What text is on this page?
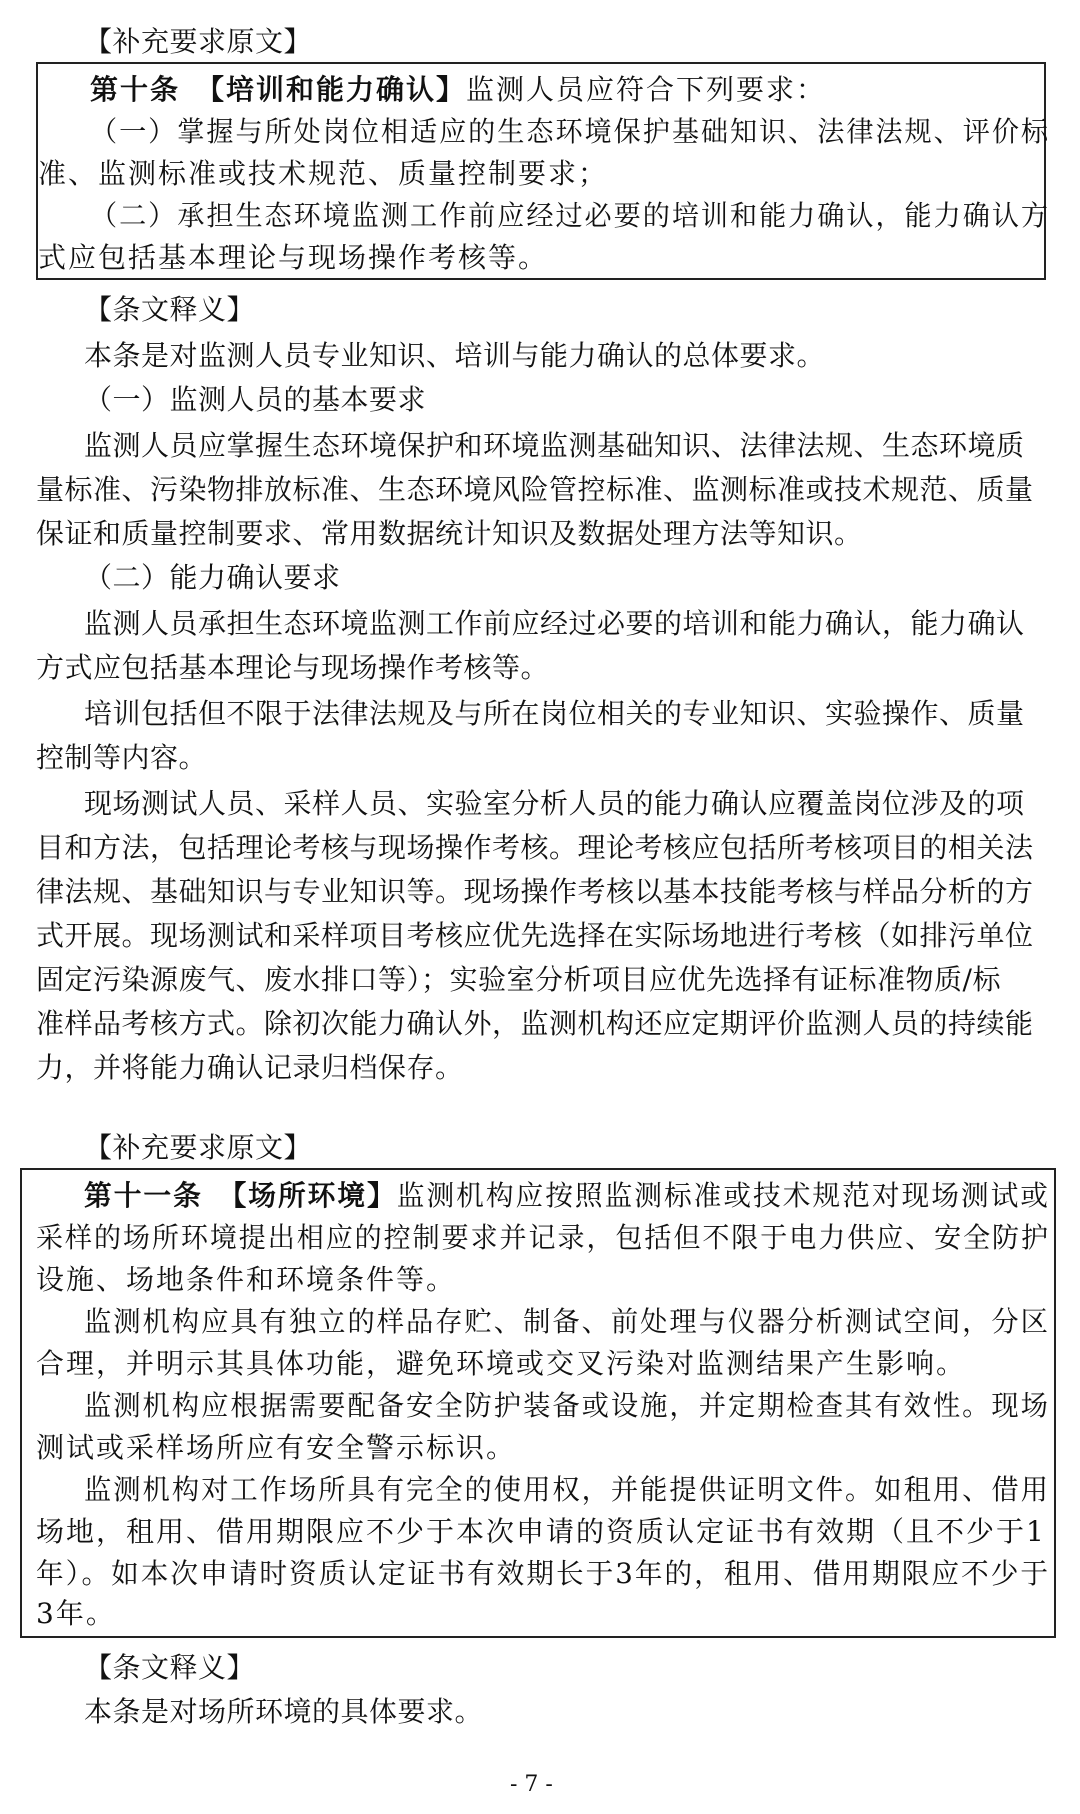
【补充要求原文】
第十条　【培训和能力确认】监测人员应符合下列要求：
（一）掌握与所处岗位相适应的生态环境保护基础知识、法律法规、评价标
准、监测标准或技术规范、质量控制要求；
（二）承担生态环境监测工作前应经过必要的培训和能力确认，能力确认方
式应包括基本理论与现场操作考核等。
【条文释义】
本条是对监测人员专业知识、培训与能力确认的总体要求。
（一）监测人员的基本要求
监测人员应掌握生态环境保护和环境监测基础知识、法律法规、生态环境质
量标准、污染物排放标准、生态环境风险管控标准、监测标准或技术规范、质量
保证和质量控制要求、常用数据统计知识及数据处理方法等知识。
（二）能力确认要求
监测人员承担生态环境监测工作前应经过必要的培训和能力确认，能力确认
方式应包括基本理论与现场操作考核等。
培训包括但不限于法律法规及与所在岗位相关的专业知识、实验操作、质量
控制等内容。
现场测试人员、采样人员、实验室分析人员的能力确认应覆盖岗位涉及的项
目和方法，包括理论考核与现场操作考核。理论考核应包括所考核项目的相关法
律法规、基础知识与专业知识等。现场操作考核以基本技能考核与样品分析的方
式开展。现场测试和采样项目考核应优先选择在实际场地进行考核（如排污单位
固定污染源废气、废水排口等）；实验室分析项目应优先选择有证标准物质/标
准样品考核方式。除初次能力确认外，监测机构还应定期评价监测人员的持续能
力，并将能力确认记录归档保存。
【补充要求原文】
第十一条　【场所环境】监测机构应按照监测标准或技术规范对现场测试或
采样的场所环境提出相应的控制要求并记录，包括但不限于电力供应、安全防护
设施、场地条件和环境条件等。
监测机构应具有独立的样品存贮、制备、前处理与仪器分析测试空间，分区
合理，并明示其具体功能，避免环境或交叉污染对监测结果产生影响。
监测机构应根据需要配备安全防护装备或设施，并定期检查其有效性。现场
测试或采样场所应有安全警示标识。
监测机构对工作场所具有完全的使用权，并能提供证明文件。如租用、借用
场地，租用、借用期限应不少于本次申请的资质认定证书有效期（且不少于1
年）。如本次申请时资质认定证书有效期长于3年的，租用、借用期限应不少于
3年。
【条文释义】
本条是对场所环境的具体要求。
- 7 -
